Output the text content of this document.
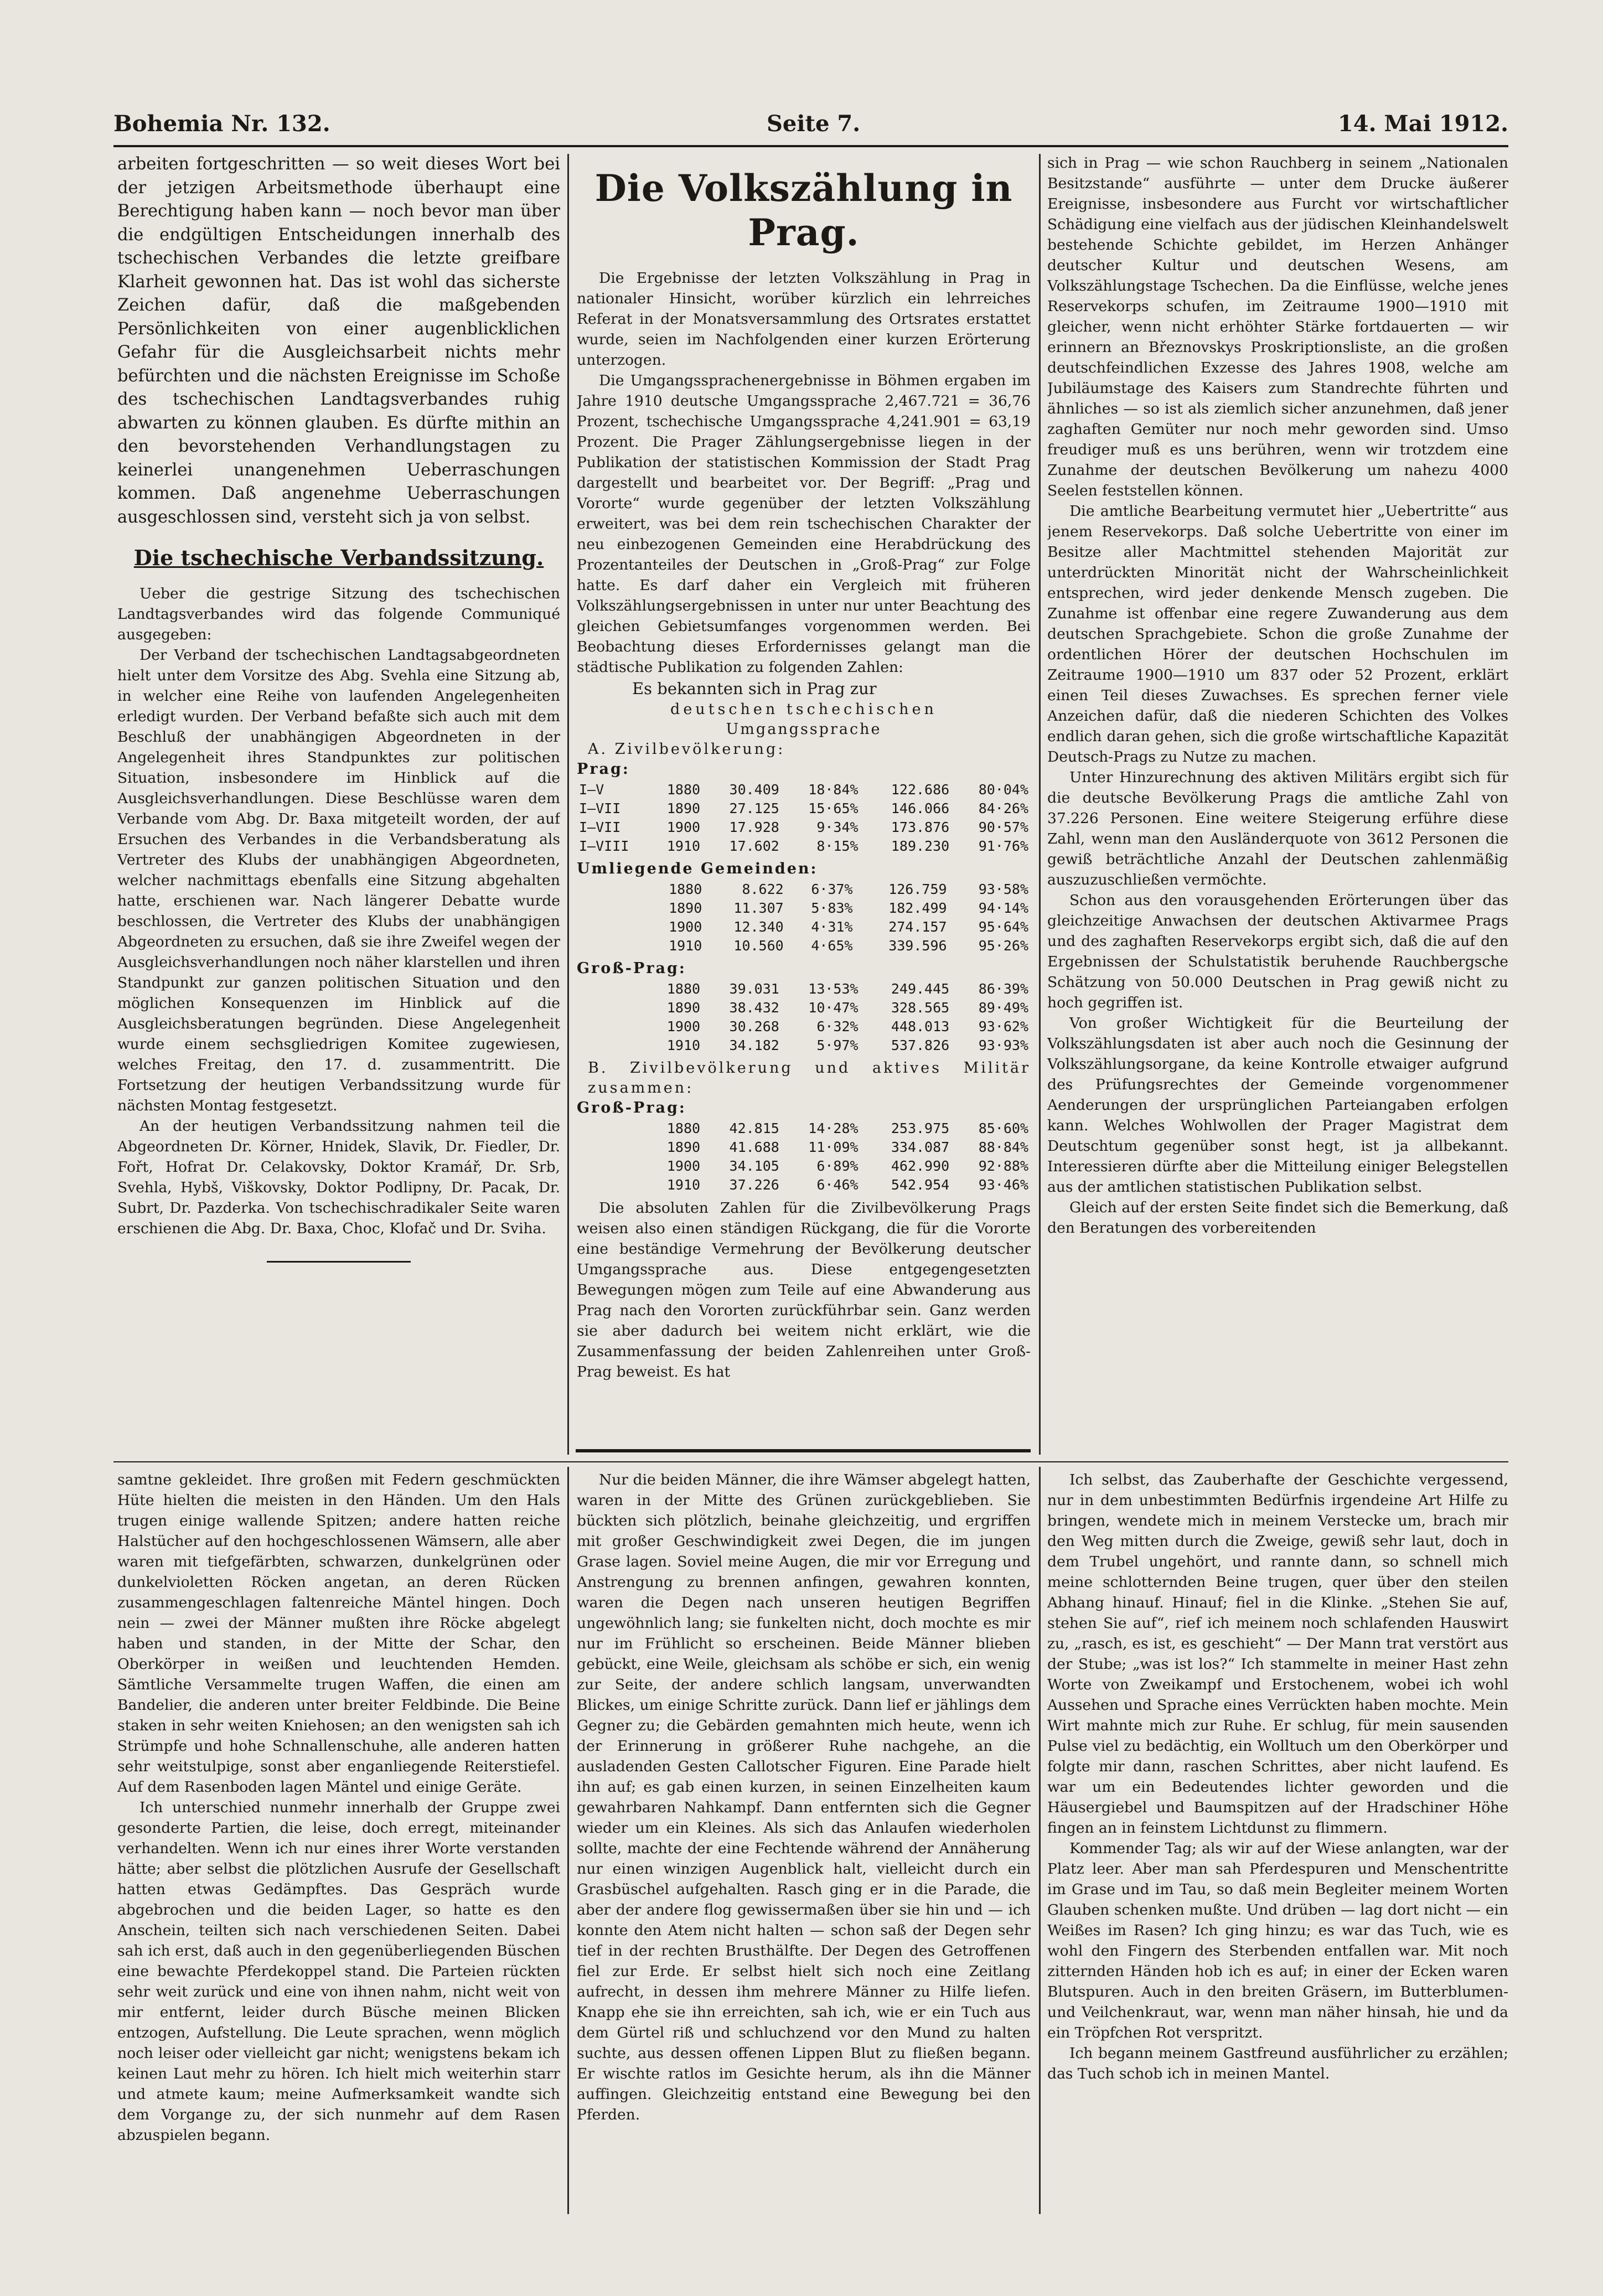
Bohemia Nr. 132.	Seite 7.	14. Mai 1912.

arbeiten fortgeschritten — so weit dieses Wort bei der jetzigen Arbeitsmethode überhaupt eine Berechtigung haben kann — noch bevor man über die endgültigen Entscheidungen innerhalb des tschechischen Verbandes die letzte greifbare Klarheit gewonnen hat. Das ist wohl das sicherste Zeichen dafür, daß die maßgebenden Persönlichkeiten von einer augenblicklichen Gefahr für die Ausgleichsarbeit nichts mehr befürchten und die nächsten Ereignisse im Schoße des tschechischen Landtagsverbandes ruhig abwarten zu können glauben. Es dürfte mithin an den bevorstehenden Verhandlungstagen zu keinerlei unangenehmen Ueberraschungen kommen. Daß angenehme Ueberraschungen ausgeschlossen sind, versteht sich ja von selbst.

Die tschechische Verbandssitzung.

Ueber die gestrige Sitzung des tschechischen Landtagsverbandes wird das folgende Communiqué ausgegeben:

Der Verband der tschechischen Landtagsabgeordneten hielt unter dem Vorsitze des Abg. Svehla eine Sitzung ab, in welcher eine Reihe von laufenden Angelegenheiten erledigt wurden. Der Verband befaßte sich auch mit dem Beschluß der unabhängigen Abgeordneten in der Angelegenheit ihres Standpunktes zur politischen Situation, insbesondere im Hinblick auf die Ausgleichsverhandlungen. Diese Beschlüsse waren dem Verbande vom Abg. Dr. Baxa mitgeteilt worden, der auf Ersuchen des Verbandes in die Verbandsberatung als Vertreter des Klubs der unabhängigen Abgeordneten, welcher nachmittags ebenfalls eine Sitzung abgehalten hatte, erschienen war. Nach längerer Debatte wurde beschlossen, die Vertreter des Klubs der unabhängigen Abgeordneten zu ersuchen, daß sie ihre Zweifel wegen der Ausgleichsverhandlungen noch näher klarstellen und ihren Standpunkt zur ganzen politischen Situation und den möglichen Konsequenzen im Hinblick auf die Ausgleichsberatungen begründen. Diese Angelegenheit wurde einem sechsgliedrigen Komitee zugewiesen, welches Freitag, den 17. d. zusammentritt. Die Fortsetzung der heutigen Verbandssitzung wurde für nächsten Montag festgesetzt.

An der heutigen Verbandssitzung nahmen teil die Abgeordneten Dr. Körner, Hnidek, Slavik, Dr. Fiedler, Dr. Fořt, Hofrat Dr. Celakovsky, Doktor Kramář, Dr. Srb, Svehla, Hybš, Viškovsky, Doktor Podlipny, Dr. Pacak, Dr. Subrt, Dr. Pazderka. Von tschechischradikaler Seite waren erschienen die Abg. Dr. Baxa, Choc, Klofač und Dr. Sviha.

Die Volkszählung in Prag.

Die Ergebnisse der letzten Volkszählung in Prag in nationaler Hinsicht, worüber kürzlich ein lehrreiches Referat in der Monatsversammlung des Ortsrates erstattet wurde, seien im Nachfolgenden einer kurzen Erörterung unterzogen.

Die Umgangssprachenergebnisse in Böhmen ergaben im Jahre 1910 deutsche Umgangssprache 2,467.721 = 36,76 Prozent, tschechische Umgangssprache 4,241.901 = 63,19 Prozent. Die Prager Zählungsergebnisse liegen in der Publikation der statistischen Kommission der Stadt Prag dargestellt und bearbeitet vor. Der Begriff: „Prag und Vororte“ wurde gegenüber der letzten Volkszählung erweitert, was bei dem rein tschechischen Charakter der neu einbezogenen Gemeinden eine Herabdrückung des Prozentanteiles der Deutschen in „Groß-Prag“ zur Folge hatte. Es darf daher ein Vergleich mit früheren Volkszählungsergebnissen in unter nur unter Beachtung des gleichen Gebietsumfanges vorgenommen werden. Bei Beobachtung dieses Erfordernisses gelangt man die städtische Publikation zu folgenden Zahlen:

Es bekannten sich in Prag zur

deutschen tschechischen
Umgangssprache
A. Zivilbevölkerung:
Prag:
I—V	1880	30.409	18·84%	122.686	80·04%
I—VII	1890	27.125	15·65%	146.066	84·26%
I—VII	1900	17.928	9·34%	173.876	90·57%
I—VIII	1910	17.602	8·15%	189.230	91·76%
Umliegende Gemeinden:
	1880	8.622	6·37%	126.759	93·58%
	1890	11.307	5·83%	182.499	94·14%
	1900	12.340	4·31%	274.157	95·64%
	1910	10.560	4·65%	339.596	95·26%
Groß-Prag:
	1880	39.031	13·53%	249.445	86·39%
	1890	38.432	10·47%	328.565	89·49%
	1900	30.268	6·32%	448.013	93·62%
	1910	34.182	5·97%	537.826	93·93%
B. Zivilbevölkerung und aktives Militär zusammen:
Groß-Prag:
	1880	42.815	14·28%	253.975	85·60%
	1890	41.688	11·09%	334.087	88·84%
	1900	34.105	6·89%	462.990	92·88%
	1910	37.226	6·46%	542.954	93·46%

Die absoluten Zahlen für die Zivilbevölkerung Prags weisen also einen ständigen Rückgang, die für die Vororte eine beständige Vermehrung der Bevölkerung deutscher Umgangssprache aus. Diese entgegengesetzten Bewegungen mögen zum Teile auf eine Abwanderung aus Prag nach den Vororten zurückführbar sein. Ganz werden sie aber dadurch bei weitem nicht erklärt, wie die Zusammenfassung der beiden Zahlenreihen unter Groß-Prag beweist. Es hat

sich in Prag — wie schon Rauchberg in seinem „Nationalen Besitzstande“ ausführte — unter dem Drucke äußerer Ereignisse, insbesondere aus Furcht vor wirtschaftlicher Schädigung eine vielfach aus der jüdischen Kleinhandelswelt bestehende Schichte gebildet, im Herzen Anhänger deutscher Kultur und deutschen Wesens, am Volkszählungstage Tschechen. Da die Einflüsse, welche jenes Reservekorps schufen, im Zeitraume 1900—1910 mit gleicher, wenn nicht erhöhter Stärke fortdauerten — wir erinnern an Březnovskys Proskriptionsliste, an die großen deutschfeindlichen Exzesse des Jahres 1908, welche am Jubiläumstage des Kaisers zum Standrechte führten und ähnliches — so ist als ziemlich sicher anzunehmen, daß jener zaghaften Gemüter nur noch mehr geworden sind. Umso freudiger muß es uns berühren, wenn wir trotzdem eine Zunahme der deutschen Bevölkerung um nahezu 4000 Seelen feststellen können.

Die amtliche Bearbeitung vermutet hier „Uebertritte“ aus jenem Reservekorps. Daß solche Uebertritte von einer im Besitze aller Machtmittel stehenden Majorität zur unterdrückten Minorität nicht der Wahrscheinlichkeit entsprechen, wird jeder denkende Mensch zugeben. Die Zunahme ist offenbar eine regere Zuwanderung aus dem deutschen Sprachgebiete. Schon die große Zunahme der ordentlichen Hörer der deutschen Hochschulen im Zeitraume 1900—1910 um 837 oder 52 Prozent, erklärt einen Teil dieses Zuwachses. Es sprechen ferner viele Anzeichen dafür, daß die niederen Schichten des Volkes endlich daran gehen, sich die große wirtschaftliche Kapazität Deutsch-Prags zu Nutze zu machen.

Unter Hinzurechnung des aktiven Militärs ergibt sich für die deutsche Bevölkerung Prags die amtliche Zahl von 37.226 Personen. Eine weitere Steigerung erführe diese Zahl, wenn man den Ausländerquote von 3612 Personen die gewiß beträchtliche Anzahl der Deutschen zahlenmäßig auszuzuschließen vermöchte.

Schon aus den vorausgehenden Erörterungen über das gleichzeitige Anwachsen der deutschen Aktivarmee Prags und des zaghaften Reservekorps ergibt sich, daß die auf den Ergebnissen der Schulstatistik beruhende Rauchbergsche Schätzung von 50.000 Deutschen in Prag gewiß nicht zu hoch gegriffen ist.

Von großer Wichtigkeit für die Beurteilung der Volkszählungsdaten ist aber auch noch die Gesinnung der Volkszählungsorgane, da keine Kontrolle etwaiger aufgrund des Prüfungsrechtes der Gemeinde vorgenommener Aenderungen der ursprünglichen Parteiangaben erfolgen kann. Welches Wohlwollen der Prager Magistrat dem Deutschtum gegenüber sonst hegt, ist ja allbekannt. Interessieren dürfte aber die Mitteilung einiger Belegstellen aus der amtlichen statistischen Publikation selbst.

Gleich auf der ersten Seite findet sich die Bemerkung, daß den Beratungen des vorbereitenden

samtne gekleidet. Ihre großen mit Federn geschmückten Hüte hielten die meisten in den Händen. Um den Hals trugen einige wallende Spitzen; andere hatten reiche Halstücher auf den hochgeschlossenen Wämsern, alle aber waren mit tiefgefärbten, schwarzen, dunkelgrünen oder dunkelvioletten Röcken angetan, an deren Rücken zusammengeschlagen faltenreiche Mäntel hingen. Doch nein — zwei der Männer mußten ihre Röcke abgelegt haben und standen, in der Mitte der Schar, den Oberkörper in weißen und leuchtenden Hemden. Sämtliche Versammelte trugen Waffen, die einen am Bandelier, die anderen unter breiter Feldbinde. Die Beine staken in sehr weiten Kniehosen; an den wenigsten sah ich Strümpfe und hohe Schnallenschuhe, alle anderen hatten sehr weitstulpige, sonst aber enganliegende Reiterstiefel. Auf dem Rasenboden lagen Mäntel und einige Geräte.

Ich unterschied nunmehr innerhalb der Gruppe zwei gesonderte Partien, die leise, doch erregt, miteinander verhandelten. Wenn ich nur eines ihrer Worte verstanden hätte; aber selbst die plötzlichen Ausrufe der Gesellschaft hatten etwas Gedämpftes. Das Gespräch wurde abgebrochen und die beiden Lager, so hatte es den Anschein, teilten sich nach verschiedenen Seiten. Dabei sah ich erst, daß auch in den gegenüberliegenden Büschen eine bewachte Pferdekoppel stand. Die Parteien rückten sehr weit zurück und eine von ihnen nahm, nicht weit von mir entfernt, leider durch Büsche meinen Blicken entzogen, Aufstellung. Die Leute sprachen, wenn möglich noch leiser oder vielleicht gar nicht; wenigstens bekam ich keinen Laut mehr zu hören. Ich hielt mich weiterhin starr und atmete kaum; meine Aufmerksamkeit wandte sich dem Vorgange zu, der sich nunmehr auf dem Rasen abzuspielen begann.

Nur die beiden Männer, die ihre Wämser abgelegt hatten, waren in der Mitte des Grünen zurückgeblieben. Sie bückten sich plötzlich, beinahe gleichzeitig, und ergriffen mit großer Geschwindigkeit zwei Degen, die im jungen Grase lagen. Soviel meine Augen, die mir vor Erregung und Anstrengung zu brennen anfingen, gewahren konnten, waren die Degen nach unseren heutigen Begriffen ungewöhnlich lang; sie funkelten nicht, doch mochte es mir nur im Frühlicht so erscheinen. Beide Männer blieben gebückt, eine Weile, gleichsam als schöbe er sich, ein wenig zur Seite, der andere schlich langsam, unverwandten Blickes, um einige Schritte zurück. Dann lief er jählings dem Gegner zu; die Gebärden gemahnten mich heute, wenn ich der Erinnerung in größerer Ruhe nachgehe, an die ausladenden Gesten Callotscher Figuren. Eine Parade hielt ihn auf; es gab einen kurzen, in seinen Einzelheiten kaum gewahrbaren Nahkampf. Dann entfernten sich die Gegner wieder um ein Kleines. Als sich das Anlaufen wiederholen sollte, machte der eine Fechtende während der Annäherung nur einen winzigen Augenblick halt, vielleicht durch ein Grasbüschel aufgehalten. Rasch ging er in die Parade, die aber der andere flog gewissermaßen über sie hin und — ich konnte den Atem nicht halten — schon saß der Degen sehr tief in der rechten Brusthälfte. Der Degen des Getroffenen fiel zur Erde. Er selbst hielt sich noch eine Zeitlang aufrecht, in dessen ihm mehrere Männer zu Hilfe liefen. Knapp ehe sie ihn erreichten, sah ich, wie er ein Tuch aus dem Gürtel riß und schluchzend vor den Mund zu halten suchte, aus dessen offenen Lippen Blut zu fließen begann. Er wischte ratlos im Gesichte herum, als ihn die Männer auffingen. Gleichzeitig entstand eine Bewegung bei den Pferden.

Ich selbst, das Zauberhafte der Geschichte vergessend, nur in dem unbestimmten Bedürfnis irgendeine Art Hilfe zu bringen, wendete mich in meinem Verstecke um, brach mir den Weg mitten durch die Zweige, gewiß sehr laut, doch in dem Trubel ungehört, und rannte dann, so schnell mich meine schlotternden Beine trugen, quer über den steilen Abhang hinauf. Hinauf; fiel in die Klinke. „Stehen Sie auf, stehen Sie auf“, rief ich meinem noch schlafenden Hauswirt zu, „rasch, es ist, es geschieht“ — Der Mann trat verstört aus der Stube; „was ist los?“ Ich stammelte in meiner Hast zehn Worte von Zweikampf und Erstochenem, wobei ich wohl Aussehen und Sprache eines Verrückten haben mochte. Mein Wirt mahnte mich zur Ruhe. Er schlug, für mein sausenden Pulse viel zu bedächtig, ein Wolltuch um den Oberkörper und folgte mir dann, raschen Schrittes, aber nicht laufend. Es war um ein Bedeutendes lichter geworden und die Häusergiebel und Baumspitzen auf der Hradschiner Höhe fingen an in feinstem Lichtdunst zu flimmern.

Kommender Tag; als wir auf der Wiese anlangten, war der Platz leer. Aber man sah Pferdespuren und Menschentritte im Grase und im Tau, so daß mein Begleiter meinem Worten Glauben schenken mußte. Und drüben — lag dort nicht — ein Weißes im Rasen? Ich ging hinzu; es war das Tuch, wie es wohl den Fingern des Sterbenden entfallen war. Mit noch zitternden Händen hob ich es auf; in einer der Ecken waren Blutspuren. Auch in den breiten Gräsern, im Butterblumen- und Veilchenkraut, war, wenn man näher hinsah, hie und da ein Tröpfchen Rot verspritzt.

Ich begann meinem Gastfreund ausführlicher zu erzählen; das Tuch schob ich in meinen Mantel.
